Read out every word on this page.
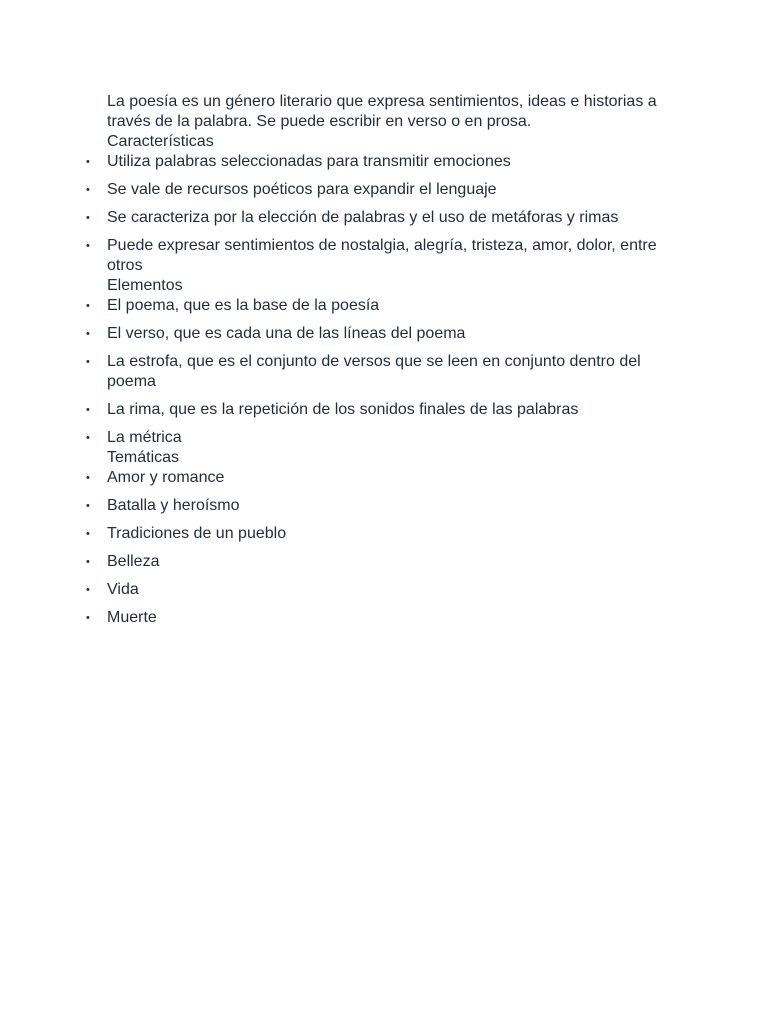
La poesía es un género literario que expresa sentimientos, ideas e historias a través de la palabra. Se puede escribir en verso o en prosa.

Características

• Utiliza palabras seleccionadas para transmitir emociones
• Se vale de recursos poéticos para expandir el lenguaje
• Se caracteriza por la elección de palabras y el uso de metáforas y rimas
• Puede expresar sentimientos de nostalgia, alegría, tristeza, amor, dolor, entre otros

Elementos

• El poema, que es la base de la poesía
• El verso, que es cada una de las líneas del poema
• La estrofa, que es el conjunto de versos que se leen en conjunto dentro del poema
• La rima, que es la repetición de los sonidos finales de las palabras
• La métrica

Temáticas

• Amor y romance
• Batalla y heroísmo
• Tradiciones de un pueblo
• Belleza
• Vida
• Muerte
